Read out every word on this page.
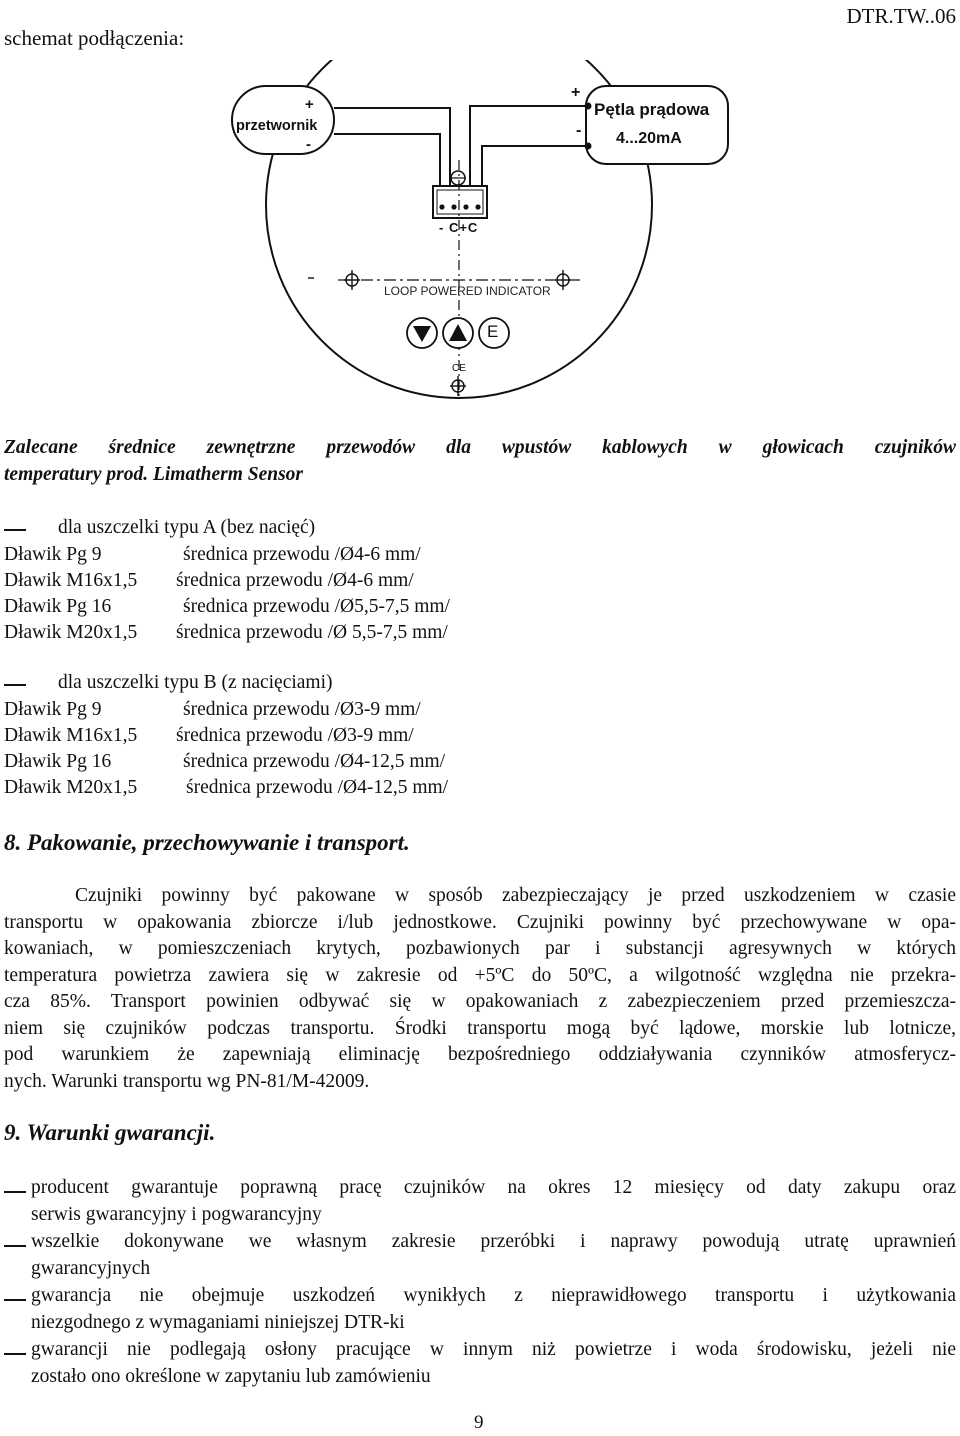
schemat podłączenia:
DTR.TW..06
+
przetwornik
-
+
-
Pętla prądowa
4...20mA
- C+C
LOOP POWERED INDICATOR
E
CE
Zalecane średnice zewnętrzne przewodów dla wpustów kablowych w głowicach czujników
temperatury prod. Limatherm Sensor
dla uszczelki typu A (bez nacięć)
Dławik Pg 9	średnica przewodu /Ø4-6 mm/
Dławik M16x1,5 średnica przewodu /Ø4-6 mm/
Dławik Pg 16	średnica przewodu /Ø5,5-7,5 mm/
Dławik M20x1,5 średnica przewodu /Ø 5,5-7,5 mm/
dla uszczelki typu B (z nacięciami)
Dławik Pg 9	średnica przewodu /Ø3-9 mm/
Dławik M16x1,5 średnica przewodu /Ø3-9 mm/
Dławik Pg 16	średnica przewodu /Ø4-12,5 mm/
Dławik M20x1,5	średnica przewodu /Ø4-12,5 mm/
8. Pakowanie, przechowywanie i transport.
Czujniki powinny być pakowane w sposób zabezpieczający je przed uszkodzeniem w czasie
transportu w opakowania zbiorcze i/lub jednostkowe. Czujniki powinny być przechowywane w opa-
kowaniach, w pomieszczeniach krytych, pozbawionych par i substancji agresywnych w których
temperatura powietrza zawiera się w zakresie od +5ºC do 50ºC, a wilgotność względna nie przekra-
cza 85%. Transport powinien odbywać się w opakowaniach z zabezpieczeniem przed przemieszcza-
niem się czujników podczas transportu. Środki transportu mogą być lądowe, morskie lub lotnicze,
pod warunkiem że zapewniają eliminację bezpośredniego oddziaływania czynników atmosferycz-
nych. Warunki transportu wg PN-81/M-42009.
9. Warunki gwarancji.
producent gwarantuje poprawną pracę czujników na okres 12 miesięcy od daty zakupu oraz
serwis gwarancyjny i pogwarancyjny
wszelkie dokonywane we własnym zakresie przeróbki i naprawy powodują utratę uprawnień
gwarancyjnych
gwarancja nie obejmuje uszkodzeń wynikłych z nieprawidłowego transportu i użytkowania
niezgodnego z wymaganiami niniejszej DTR-ki
gwarancji nie podlegają osłony pracujące w innym niż powietrze i woda środowisku, jeżeli nie
zostało ono określone w zapytaniu lub zamówieniu
9
